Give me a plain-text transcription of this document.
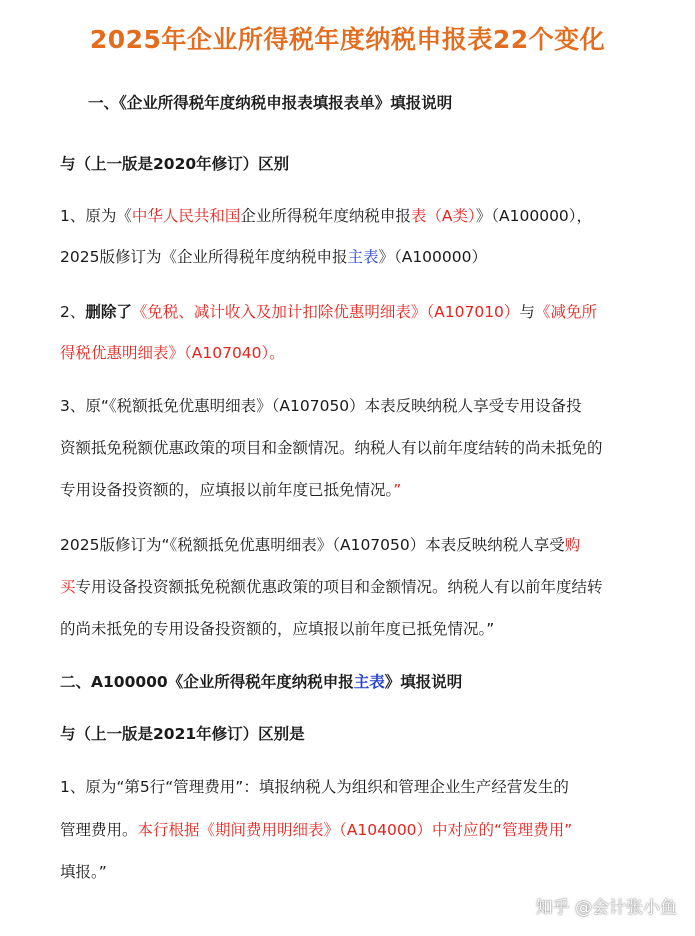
2025年企业所得税年度纳税申报表22个变化
一、《企业所得税年度纳税申报表填报表单》填报说明
与（上一版是2020年修订）区别
1、原为《中华人民共和国企业所得税年度纳税申报表（A类）》（A100000），
2025版修订为《企业所得税年度纳税申报主表》（A100000）
2、删除了《免税、减计收入及加计扣除优惠明细表》（A107010）与《减免所
得税优惠明细表》（A107040）。
3、原“《税额抵免优惠明细表》（A107050）本表反映纳税人享受专用设备投
资额抵免税额优惠政策的项目和金额情况。纳税人有以前年度结转的尚未抵免的
专用设备投资额的，应填报以前年度已抵免情况。”
2025版修订为“《税额抵免优惠明细表》（A107050）本表反映纳税人享受购
买专用设备投资额抵免税额优惠政策的项目和金额情况。纳税人有以前年度结转
的尚未抵免的专用设备投资额的，应填报以前年度已抵免情况。”
二、A100000《企业所得税年度纳税申报主表》填报说明
与（上一版是2021年修订）区别是
1、原为“第5行“管理费用”：填报纳税人为组织和管理企业生产经营发生的
管理费用。本行根据《期间费用明细表》（A104000）中对应的“管理费用”
填报。”
知乎 @会计张小鱼
